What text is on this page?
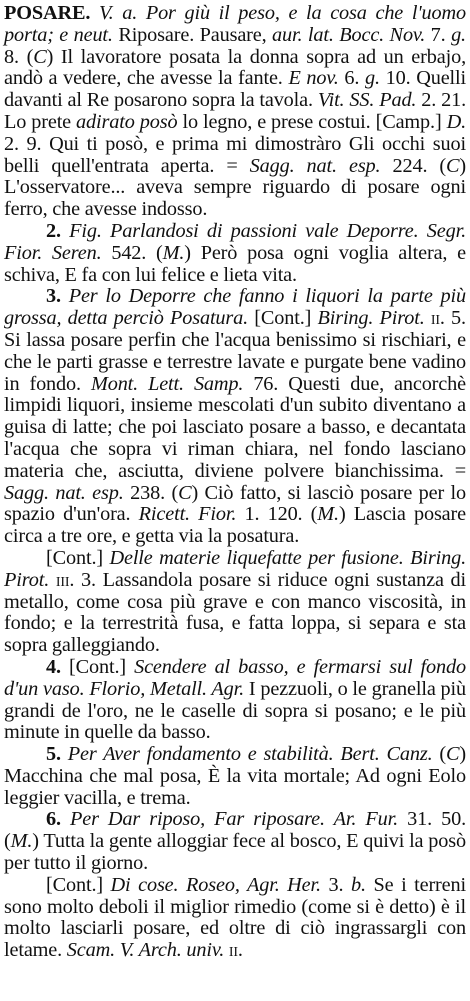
POSARE. V. a. Por giù il peso, e la cosa che l'uomo porta; e neut. Riposare. Pausare, aur. lat. Bocc. Nov. 7. g. 8. (C) Il lavoratore posata la donna sopra ad un erbajo, andò a vedere, che avesse la fante. E nov. 6. g. 10. Quelli davanti al Re posarono sopra la tavola. Vit. SS. Pad. 2. 21. Lo prete adirato posò lo legno, e prese costui. [Camp.] D. 2. 9. Qui ti posò, e prima mi dimostràro Gli occhi suoi belli quell'entrata aperta. = Sagg. nat. esp. 224. (C) L'osservatore... aveva sempre riguardo di posare ogni ferro, che avesse indosso.

2. Fig. Parlandosi di passioni vale Deporre. Segr. Fior. Seren. 542. (M.) Però posa ogni voglia altera, e schiva, E fa con lui felice e lieta vita.

3. Per lo Deporre che fanno i liquori la parte più grossa, detta perciò Posatura. [Cont.] Biring. Pirot. ii. 5. Si lassa posare perfin che l'acqua benissimo si rischiari, e che le parti grasse e terrestre lavate e purgate bene vadino in fondo. Mont. Lett. Samp. 76. Questi due, ancorchè limpidi liquori, insieme mescolati d'un subito diventano a guisa di latte; che poi lasciato posare a basso, e decantata l'acqua che sopra vi riman chiara, nel fondo lasciano materia che, asciutta, diviene polvere bianchissima. = Sagg. nat. esp. 238. (C) Ciò fatto, si lasciò posare per lo spazio d'un'ora. Ricett. Fior. 1. 120. (M.) Lascia posare circa a tre ore, e getta via la posatura.

[Cont.] Delle materie liquefatte per fusione. Biring. Pirot. iii. 3. Lassandola posare si riduce ogni sustanza di metallo, come cosa più grave e con manco viscosità, in fondo; e la terrestrità fusa, e fatta loppa, si separa e sta sopra galleggiando.

4. [Cont.] Scendere al basso, e fermarsi sul fondo d'un vaso. Florio, Metall. Agr. I pezzuoli, o le granella più grandi de l'oro, ne le caselle di sopra si posano; e le più minute in quelle da basso.

5. Per Aver fondamento e stabilità. Bert. Canz. (C) Macchina che mal posa, È la vita mortale; Ad ogni Eolo leggier vacilla, e trema.

6. Per Dar riposo, Far riposare. Ar. Fur. 31. 50. (M.) Tutta la gente alloggiar fece al bosco, E quivi la posò per tutto il giorno.

[Cont.] Di cose. Roseo, Agr. Her. 3. b. Se i terreni sono molto deboli il miglior rimedio (come si è detto) è il molto lasciarli posare, ed oltre di ciò ingrassargli con letame. Scam. V. Arch. univ. ii.
